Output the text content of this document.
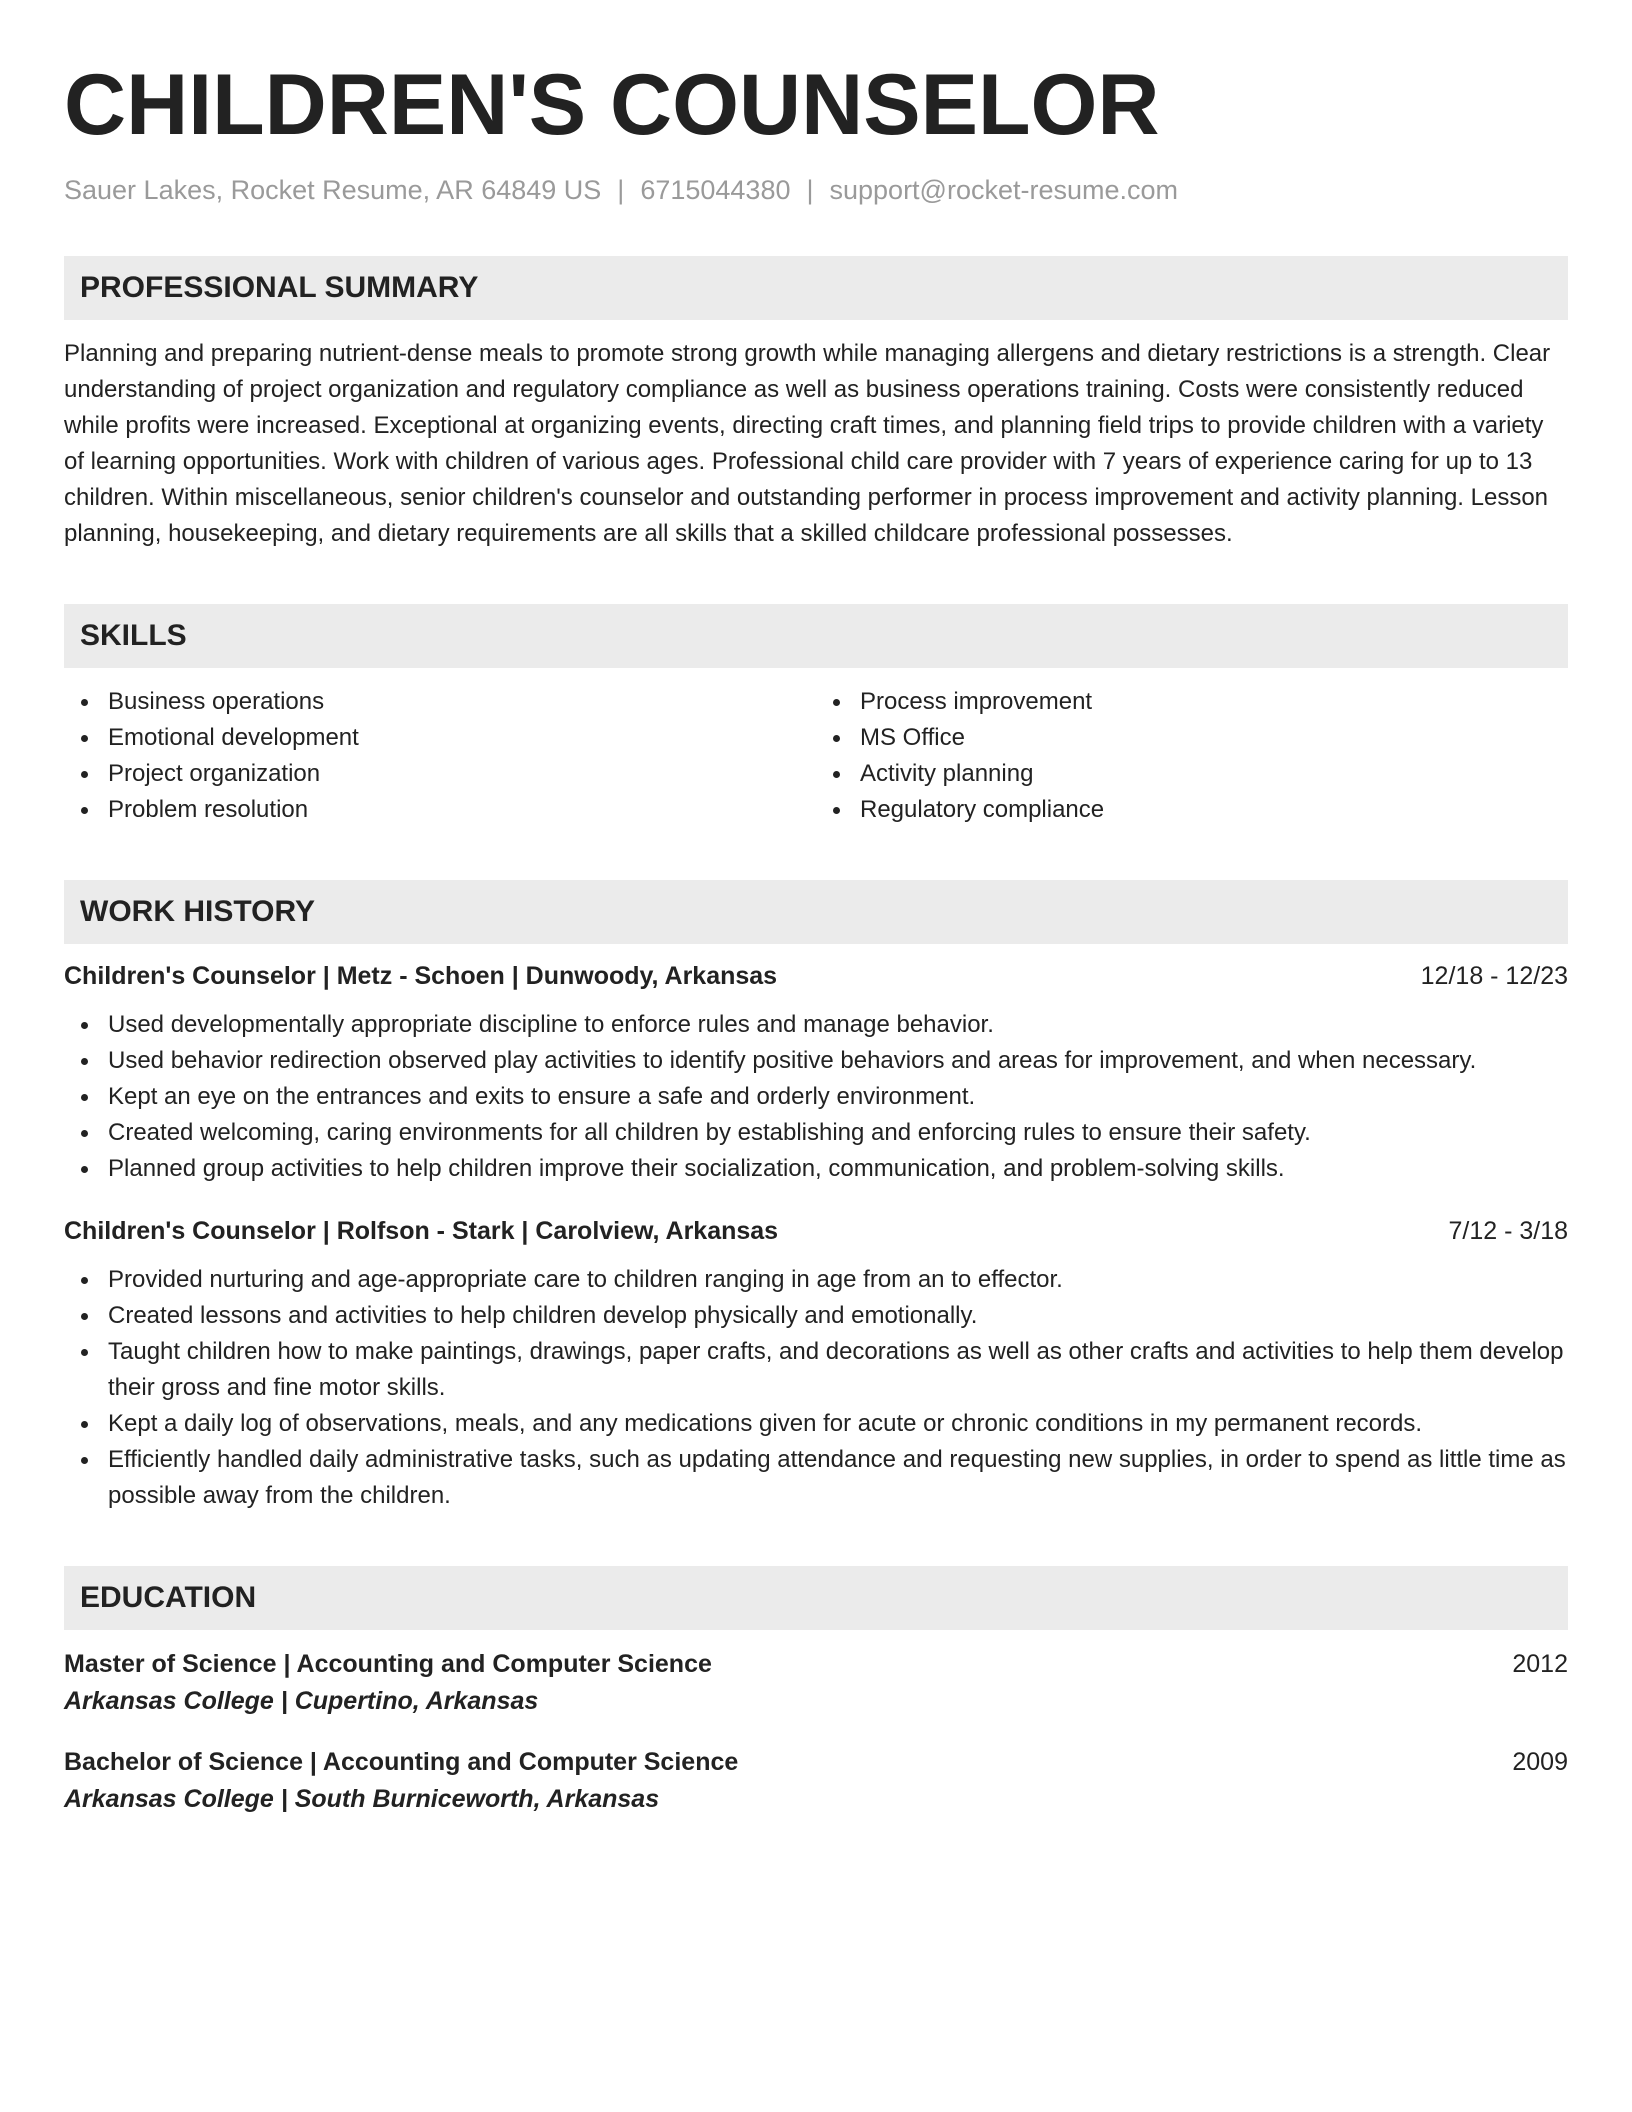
CHILDREN'S COUNSELOR
Sauer Lakes, Rocket Resume, AR 64849 US | 6715044380 | support@rocket-resume.com
PROFESSIONAL SUMMARY
Planning and preparing nutrient-dense meals to promote strong growth while managing allergens and dietary restrictions is a strength. Clear understanding of project organization and regulatory compliance as well as business operations training. Costs were consistently reduced while profits were increased. Exceptional at organizing events, directing craft times, and planning field trips to provide children with a variety of learning opportunities. Work with children of various ages. Professional child care provider with 7 years of experience caring for up to 13 children. Within miscellaneous, senior children's counselor and outstanding performer in process improvement and activity planning. Lesson planning, housekeeping, and dietary requirements are all skills that a skilled childcare professional possesses.
SKILLS
Business operations
Emotional development
Project organization
Problem resolution
Process improvement
MS Office
Activity planning
Regulatory compliance
WORK HISTORY
Children's Counselor | Metz - Schoen | Dunwoody, Arkansas	12/18 - 12/23
Used developmentally appropriate discipline to enforce rules and manage behavior.
Used behavior redirection observed play activities to identify positive behaviors and areas for improvement, and when necessary.
Kept an eye on the entrances and exits to ensure a safe and orderly environment.
Created welcoming, caring environments for all children by establishing and enforcing rules to ensure their safety.
Planned group activities to help children improve their socialization, communication, and problem-solving skills.
Children's Counselor | Rolfson - Stark | Carolview, Arkansas	7/12 - 3/18
Provided nurturing and age-appropriate care to children ranging in age from an to effector.
Created lessons and activities to help children develop physically and emotionally.
Taught children how to make paintings, drawings, paper crafts, and decorations as well as other crafts and activities to help them develop their gross and fine motor skills.
Kept a daily log of observations, meals, and any medications given for acute or chronic conditions in my permanent records.
Efficiently handled daily administrative tasks, such as updating attendance and requesting new supplies, in order to spend as little time as possible away from the children.
EDUCATION
Master of Science | Accounting and Computer Science	2012
Arkansas College | Cupertino, Arkansas
Bachelor of Science | Accounting and Computer Science	2009
Arkansas College | South Burniceworth, Arkansas
